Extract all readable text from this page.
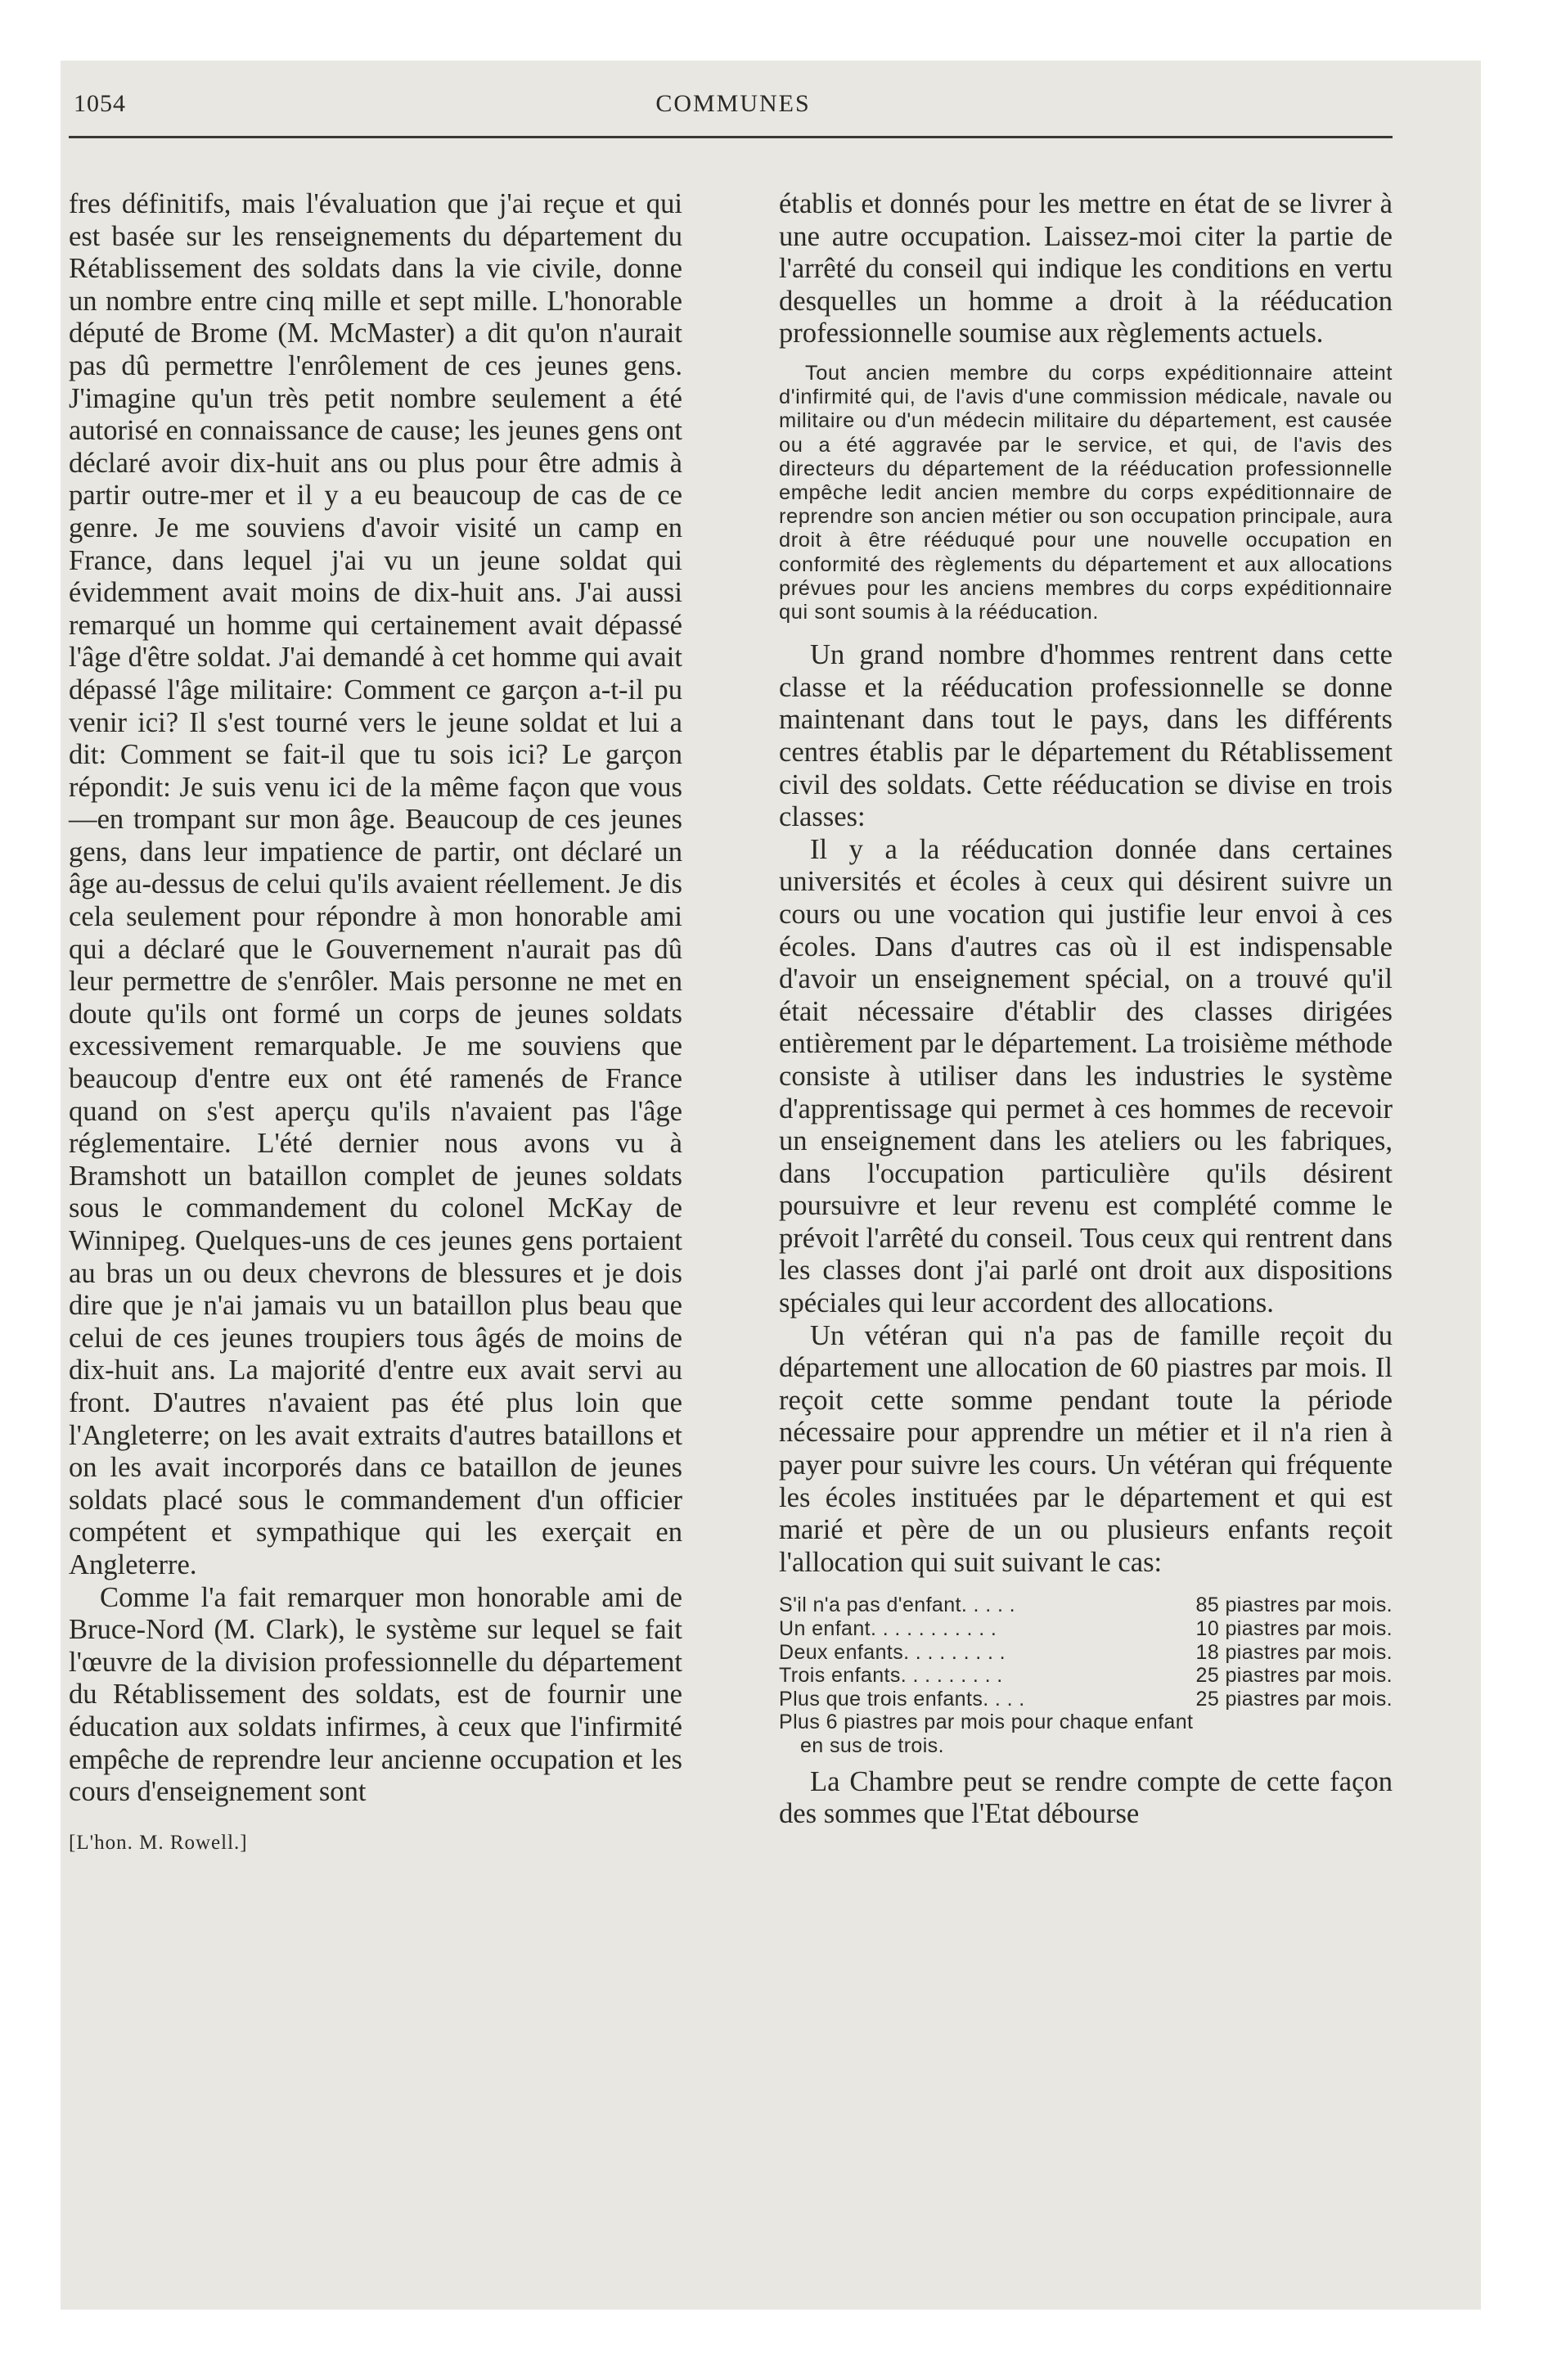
1054	COMMUNES

fres définitifs, mais l'évaluation que j'ai reçue et qui est basée sur les renseignements du département du Rétablissement des soldats dans la vie civile, donne un nombre entre cinq mille et sept mille. L'honorable député de Brome (M. McMaster) a dit qu'on n'aurait pas dû permettre l'enrôlement de ces jeunes gens. J'imagine qu'un très petit nombre seulement a été autorisé en connaissance de cause; les jeunes gens ont déclaré avoir dix-huit ans ou plus pour être admis à partir outre-mer et il y a eu beaucoup de cas de ce genre. Je me souviens d'avoir visité un camp en France, dans lequel j'ai vu un jeune soldat qui évidemment avait moins de dix-huit ans. J'ai aussi remarqué un homme qui certainement avait dépassé l'âge d'être soldat. J'ai demandé à cet homme qui avait dépassé l'âge militaire: Comment ce garçon a-t-il pu venir ici? Il s'est tourné vers le jeune soldat et lui a dit: Comment se fait-il que tu sois ici? Le garçon répondit: Je suis venu ici de la même façon que vous—en trompant sur mon âge. Beaucoup de ces jeunes gens, dans leur impatience de partir, ont déclaré un âge au-dessus de celui qu'ils avaient réellement. Je dis cela seulement pour répondre à mon honorable ami qui a déclaré que le Gouvernement n'aurait pas dû leur permettre de s'enrôler. Mais personne ne met en doute qu'ils ont formé un corps de jeunes soldats excessivement remarquable. Je me souviens que beaucoup d'entre eux ont été ramenés de France quand on s'est aperçu qu'ils n'avaient pas l'âge réglementaire. L'été dernier nous avons vu à Bramshott un bataillon complet de jeunes soldats sous le commandement du colonel McKay de Winnipeg. Quelques-uns de ces jeunes gens portaient au bras un ou deux chevrons de blessures et je dois dire que je n'ai jamais vu un bataillon plus beau que celui de ces jeunes troupiers tous âgés de moins de dix-huit ans. La majorité d'entre eux avait servi au front. D'autres n'avaient pas été plus loin que l'Angleterre; on les avait extraits d'autres bataillons et on les avait incorporés dans ce bataillon de jeunes soldats placé sous le commandement d'un officier compétent et sympathique qui les exerçait en Angleterre.

Comme l'a fait remarquer mon honorable ami de Bruce-Nord (M. Clark), le système sur lequel se fait l'œuvre de la division professionnelle du département du Rétablissement des soldats, est de fournir une éducation aux soldats infirmes, à ceux que l'infirmité empêche de reprendre leur ancienne occupation et les cours d'enseignement sont

[L'hon. M. Rowell.]

établis et donnés pour les mettre en état de se livrer à une autre occupation. Laissez-moi citer la partie de l'arrêté du conseil qui indique les conditions en vertu desquelles un homme a droit à la rééducation professionnelle soumise aux règlements actuels.

Tout ancien membre du corps expéditionnaire atteint d'infirmité qui, de l'avis d'une commission médicale, navale ou militaire ou d'un médecin militaire du département, est causée ou a été aggravée par le service, et qui, de l'avis des directeurs du département de la rééducation professionnelle empêche ledit ancien membre du corps expéditionnaire de reprendre son ancien métier ou son occupation principale, aura droit à être rééduqué pour une nouvelle occupation en conformité des règlements du département et aux allocations prévues pour les anciens membres du corps expéditionnaire qui sont soumis à la rééducation.

Un grand nombre d'hommes rentrent dans cette classe et la rééducation professionnelle se donne maintenant dans tout le pays, dans les différents centres établis par le département du Rétablissement civil des soldats. Cette rééducation se divise en trois classes:

Il y a la rééducation donnée dans certaines universités et écoles à ceux qui désirent suivre un cours ou une vocation qui justifie leur envoi à ces écoles. Dans d'autres cas où il est indispensable d'avoir un enseignement spécial, on a trouvé qu'il était nécessaire d'établir des classes dirigées entièrement par le département. La troisième méthode consiste à utiliser dans les industries le système d'apprentissage qui permet à ces hommes de recevoir un enseignement dans les ateliers ou les fabriques, dans l'occupation particulière qu'ils désirent poursuivre et leur revenu est complété comme le prévoit l'arrêté du conseil. Tous ceux qui rentrent dans les classes dont j'ai parlé ont droit aux dispositions spéciales qui leur accordent des allocations.

Un vétéran qui n'a pas de famille reçoit du département une allocation de 60 piastres par mois. Il reçoit cette somme pendant toute la période nécessaire pour apprendre un métier et il n'a rien à payer pour suivre les cours. Un vétéran qui fréquente les écoles instituées par le département et qui est marié et père de un ou plusieurs enfants reçoit l'allocation qui suit suivant le cas:

S'il n'a pas d'enfant. . . . .	85 piastres par mois.
Un enfant. . . . . . . . . . .	10 piastres par mois.
Deux enfants. . . . . . . . .	18 piastres par mois.
Trois enfants. . . . . . . . .	25 piastres par mois.
Plus que trois enfants. . . .	25 piastres par mois.
Plus 6 piastres par mois pour chaque enfant
en sus de trois.

La Chambre peut se rendre compte de cette façon des sommes que l'Etat débourse
